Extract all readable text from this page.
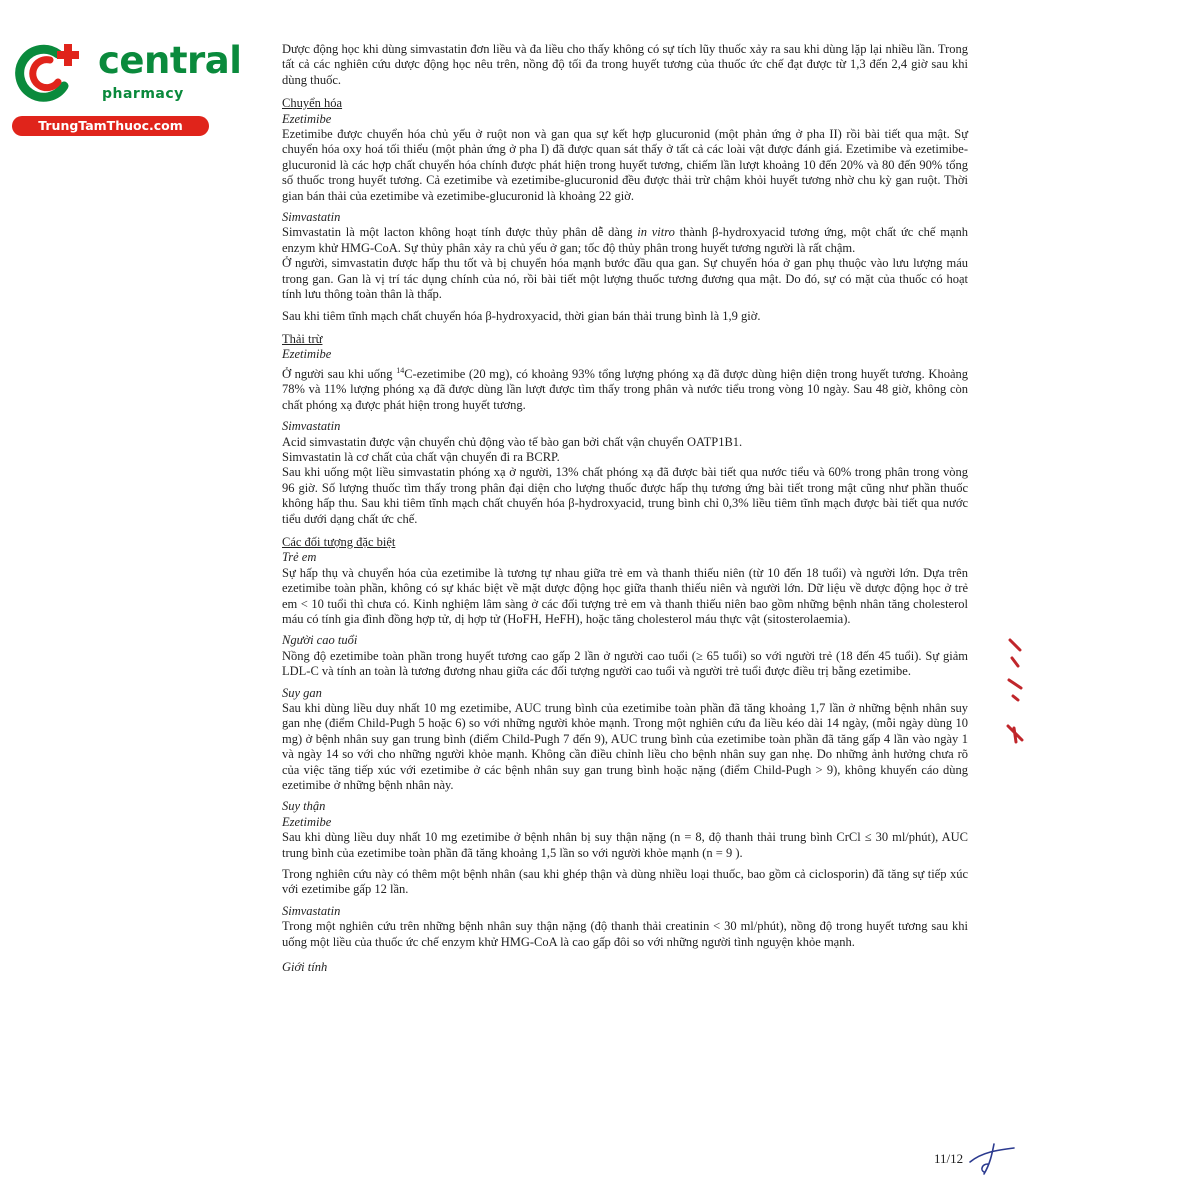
central
pharmacy
TrungTamThuoc.com

Dược động học khi dùng simvastatin đơn liều và đa liều cho thấy không có sự tích lũy thuốc xảy ra sau khi dùng lặp lại nhiều lần. Trong tất cả các nghiên cứu dược động học nêu trên, nồng độ tối đa trong huyết tương của thuốc ức chế đạt được từ 1,3 đến 2,4 giờ sau khi dùng thuốc.

Chuyển hóa
Ezetimibe

Ezetimibe được chuyển hóa chủ yếu ở ruột non và gan qua sự kết hợp glucuronid (một phản ứng ở pha II) rồi bài tiết qua mật. Sự chuyển hóa oxy hoá tối thiểu (một phản ứng ở pha I) đã được quan sát thấy ở tất cả các loài vật được đánh giá. Ezetimibe và ezetimibe-glucuronid là các hợp chất chuyển hóa chính được phát hiện trong huyết tương, chiếm lần lượt khoảng 10 đến 20% và 80 đến 90% tổng số thuốc trong huyết tương. Cả ezetimibe và ezetimibe-glucuronid đều được thải trừ chậm khỏi huyết tương nhờ chu kỳ gan ruột. Thời gian bán thải của ezetimibe và ezetimibe-glucuronid là khoảng 22 giờ.

Simvastatin

Simvastatin là một lacton không hoạt tính được thủy phân dễ dàng in vitro thành β-hydroxyacid tương ứng, một chất ức chế mạnh enzym khử HMG-CoA. Sự thủy phân xảy ra chủ yếu ở gan; tốc độ thủy phân trong huyết tương người là rất chậm.

Ở người, simvastatin được hấp thu tốt và bị chuyển hóa mạnh bước đầu qua gan. Sự chuyển hóa ở gan phụ thuộc vào lưu lượng máu trong gan. Gan là vị trí tác dụng chính của nó, rồi bài tiết một lượng thuốc tương đương qua mật. Do đó, sự có mặt của thuốc có hoạt tính lưu thông toàn thân là thấp.

Sau khi tiêm tĩnh mạch chất chuyển hóa β-hydroxyacid, thời gian bán thải trung bình là 1,9 giờ.

Thải trừ
Ezetimibe

Ở người sau khi uống $^{14}$C-ezetimibe (20 mg), có khoảng 93% tổng lượng phóng xạ đã được dùng hiện diện trong huyết tương. Khoảng 78% và 11% lượng phóng xạ đã được dùng lần lượt được tìm thấy trong phân và nước tiểu trong vòng 10 ngày. Sau 48 giờ, không còn chất phóng xạ được phát hiện trong huyết tương.

Simvastatin

Acid simvastatin được vận chuyển chủ động vào tế bào gan bởi chất vận chuyển OATP1B1.

Simvastatin là cơ chất của chất vận chuyển đi ra BCRP.

Sau khi uống một liều simvastatin phóng xạ ở người, 13% chất phóng xạ đã được bài tiết qua nước tiểu và 60% trong phân trong vòng 96 giờ. Số lượng thuốc tìm thấy trong phân đại diện cho lượng thuốc được hấp thụ tương ứng bài tiết trong mật cũng như phần thuốc không hấp thu. Sau khi tiêm tĩnh mạch chất chuyển hóa β-hydroxyacid, trung bình chỉ 0,3% liều tiêm tĩnh mạch được bài tiết qua nước tiểu dưới dạng chất ức chế.

Các đối tượng đặc biệt
Trẻ em

Sự hấp thụ và chuyển hóa của ezetimibe là tương tự nhau giữa trẻ em và thanh thiếu niên (từ 10 đến 18 tuổi) và người lớn. Dựa trên ezetimibe toàn phần, không có sự khác biệt về mặt dược động học giữa thanh thiếu niên và người lớn. Dữ liệu về dược động học ở trẻ em < 10 tuổi thì chưa có. Kinh nghiệm lâm sàng ở các đối tượng trẻ em và thanh thiếu niên bao gồm những bệnh nhân tăng cholesterol máu có tính gia đình đồng hợp tử, dị hợp tử (HoFH, HeFH), hoặc tăng cholesterol máu thực vật (sitosterolaemia).

Người cao tuổi

Nồng độ ezetimibe toàn phần trong huyết tương cao gấp 2 lần ở người cao tuổi (≥ 65 tuổi) so với người trẻ (18 đến 45 tuổi). Sự giảm LDL-C và tính an toàn là tương đương nhau giữa các đối tượng người cao tuổi và người trẻ tuổi được điều trị bằng ezetimibe.

Suy gan

Sau khi dùng liều duy nhất 10 mg ezetimibe, AUC trung bình của ezetimibe toàn phần đã tăng khoảng 1,7 lần ở những bệnh nhân suy gan nhẹ (điểm Child-Pugh 5 hoặc 6) so với những người khỏe mạnh. Trong một nghiên cứu đa liều kéo dài 14 ngày, (mỗi ngày dùng 10 mg) ở bệnh nhân suy gan trung bình (điểm Child-Pugh 7 đến 9), AUC trung bình của ezetimibe toàn phần đã tăng gấp 4 lần vào ngày 1 và ngày 14 so với cho những người khỏe mạnh. Không cần điều chỉnh liều cho bệnh nhân suy gan nhẹ. Do những ảnh hưởng chưa rõ của việc tăng tiếp xúc với ezetimibe ở các bệnh nhân suy gan trung bình hoặc nặng (điểm Child-Pugh > 9), không khuyến cáo dùng ezetimibe ở những bệnh nhân này.

Suy thận
Ezetimibe

Sau khi dùng liều duy nhất 10 mg ezetimibe ở bệnh nhân bị suy thận nặng (n = 8, độ thanh thải trung bình CrCl ≤ 30 ml/phút), AUC trung bình của ezetimibe toàn phần đã tăng khoảng 1,5 lần so với người khỏe mạnh (n = 9 ).

Trong nghiên cứu này có thêm một bệnh nhân (sau khi ghép thận và dùng nhiều loại thuốc, bao gồm cả ciclosporin) đã tăng sự tiếp xúc với ezetimibe gấp 12 lần.

Simvastatin

Trong một nghiên cứu trên những bệnh nhân suy thận nặng (độ thanh thải creatinin < 30 ml/phút), nồng độ trong huyết tương sau khi uống một liều của thuốc ức chế enzym khử HMG-CoA là cao gấp đôi so với những người tình nguyện khỏe mạnh.

Giới tính
11/12
